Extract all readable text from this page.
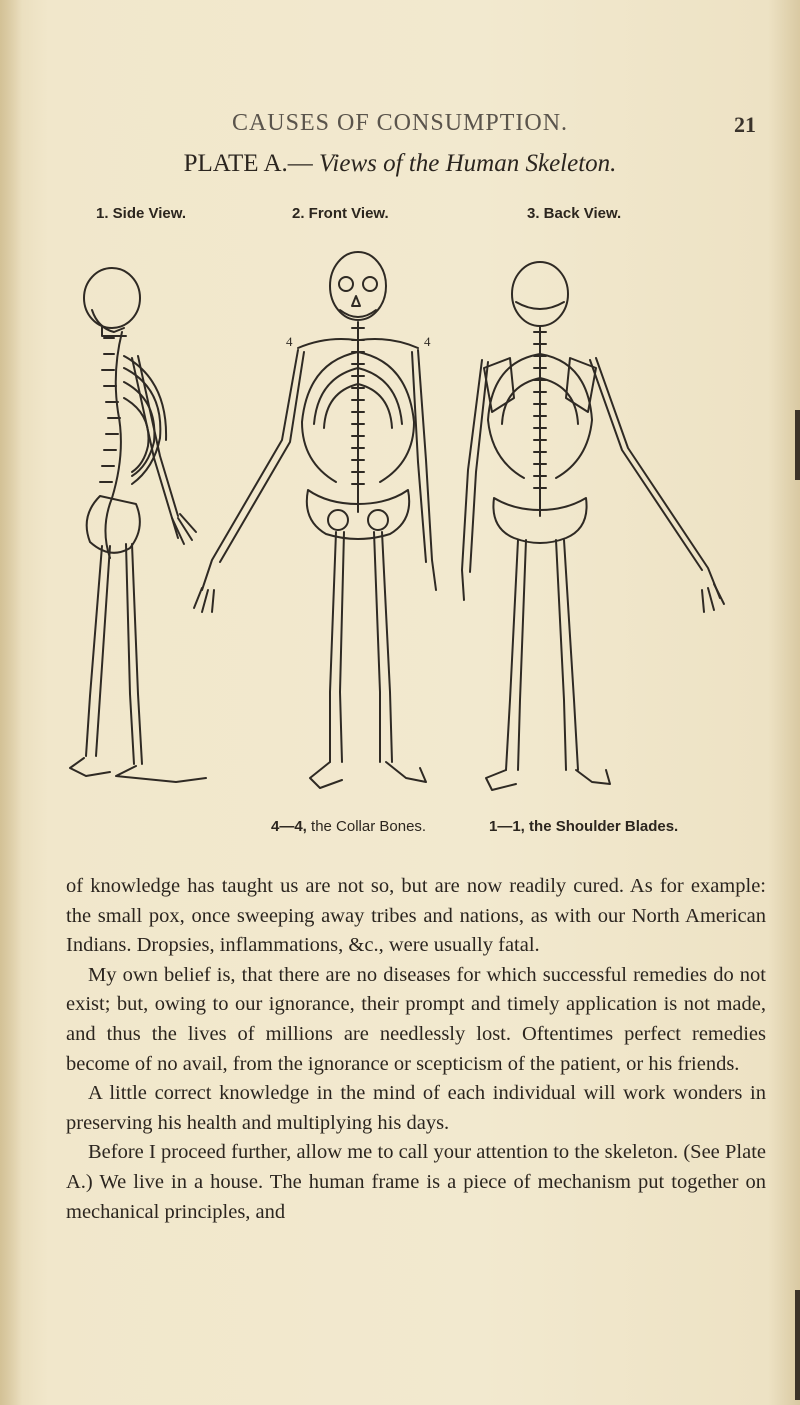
CAUSES OF CONSUMPTION.	21
PLATE A.— Views of the Human Skeleton.
1. Side View.	2. Front View.	3. Back View.
4	4
4—4, the Collar Bones.	1—1, the Shoulder Blades.

of knowledge has taught us are not so, but are now readily cured. As for example: the small pox, once sweeping away tribes and nations, as with our North American Indians. Dropsies, inflammations, &c., were usually fatal.

My own belief is, that there are no diseases for which successful remedies do not exist; but, owing to our ignorance, their prompt and timely application is not made, and thus the lives of millions are needlessly lost. Oftentimes perfect remedies become of no avail, from the ignorance or scepticism of the patient, or his friends.

A little correct knowledge in the mind of each individual will work wonders in preserving his health and multiplying his days.

Before I proceed further, allow me to call your attention to the skeleton. (See Plate A.) We live in a house. The human frame is a piece of mechanism put together on mechanical principles, and
